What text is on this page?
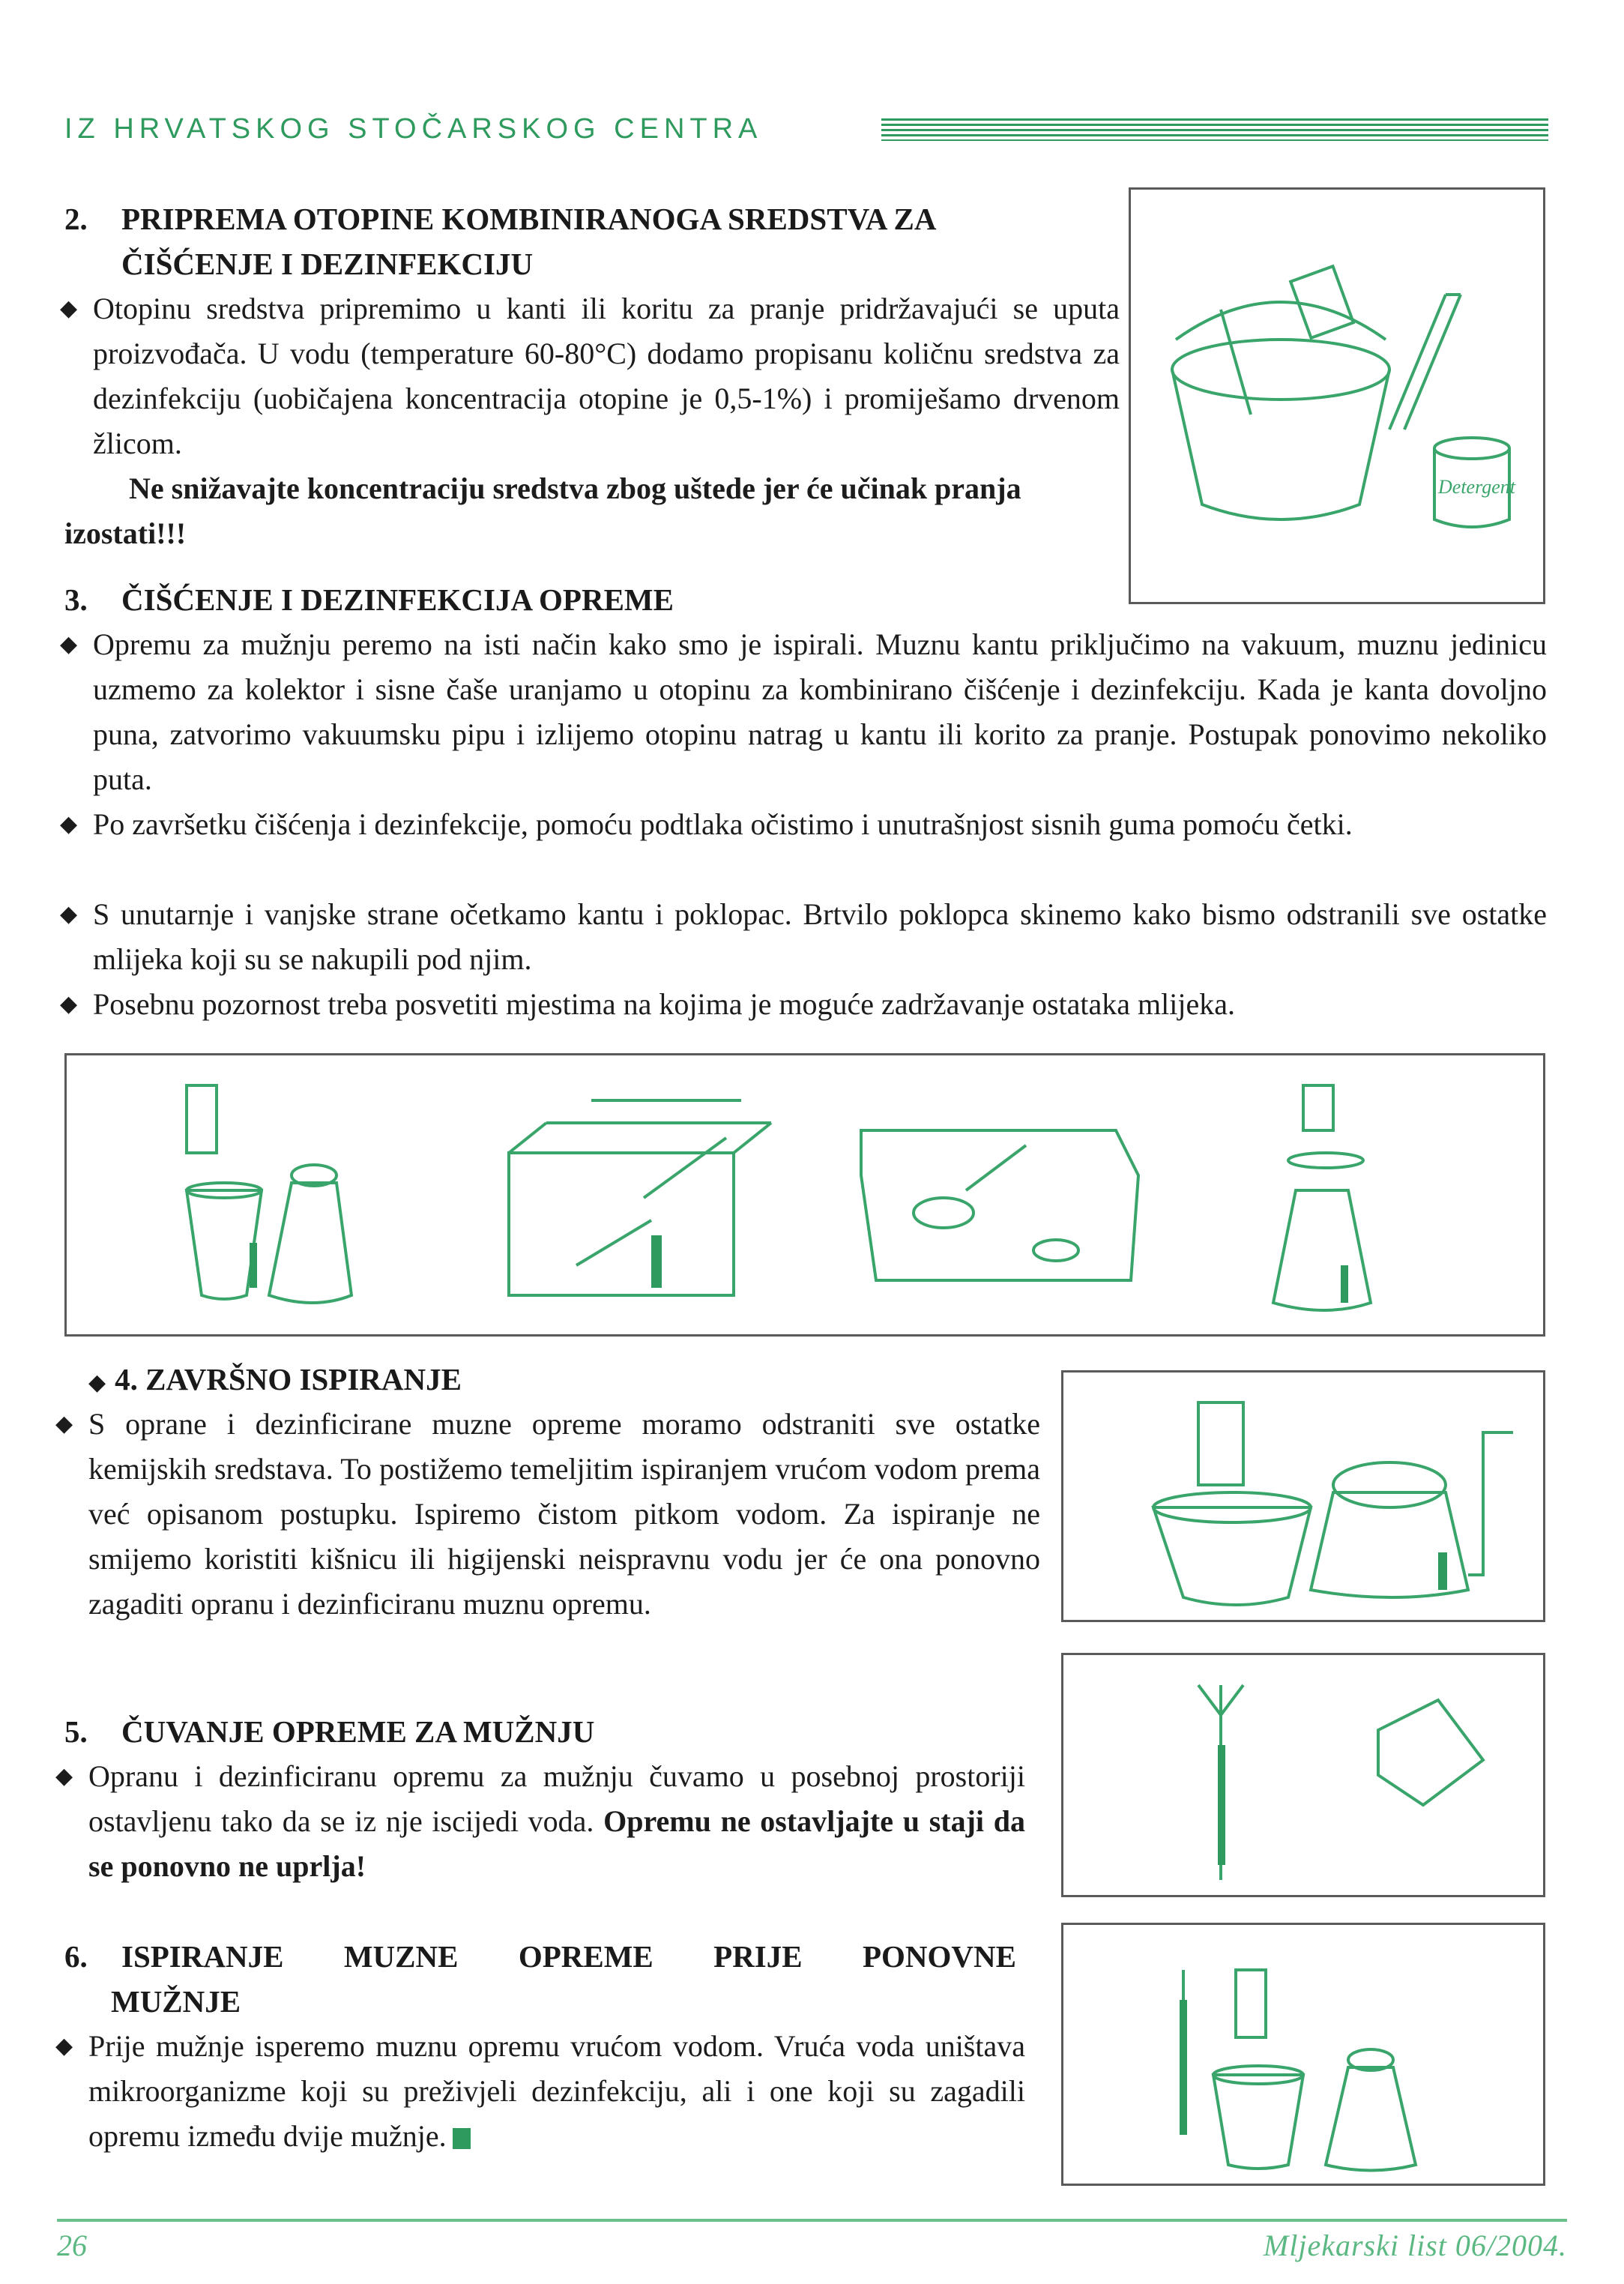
IZ HRVATSKOG STOČARSKOG CENTRA
2. PRIPREMA OTOPINE KOMBINIRANOGA SREDSTVA ZA
ČIŠĆENJE I DEZINFEKCIJU
◆ Otopinu sredstva pripremimo u kanti ili koritu za pranje pridržavajući se uputa proizvođača. U vodu (temperature 60-80°C) dodamo propisanu količnu sredstva za dezinfekciju (uobičajena koncentracija otopine je 0,5-1%) i promiješamo drvenom žlicom.
Ne snižavajte koncentraciju sredstva zbog uštede jer će učinak pranja izostati!!!
Detergent
3. ČIŠĆENJE I DEZINFEKCIJA OPREME
◆ Opremu za mužnju peremo na isti način kako smo je ispirali. Muznu kantu priključimo na vakuum, muznu jedinicu uzmemo za kolektor i sisne čaše uranjamo u otopinu za kombinirano čišćenje i dezinfekciju. Kada je kanta dovoljno puna, zatvorimo vakuumsku pipu i izlijemo otopinu natrag u kantu ili korito za pranje. Postupak ponovimo nekoliko puta.
◆ Po završetku čišćenja i dezinfekcije, pomoću podtlaka očistimo i unutrašnjost sisnih guma pomoću četki.
◆ S unutarnje i vanjske strane očetkamo kantu i poklopac. Brtvilo poklopca skinemo kako bismo odstranili sve ostatke mlijeka koji su se nakupili pod njim.
◆ Posebnu pozornost treba posvetiti mjestima na kojima je moguće zadržavanje ostataka mlijeka.
◆ 4. ZAVRŠNO ISPIRANJE
◆ S oprane i dezinficirane muzne opreme moramo odstraniti sve ostatke kemijskih sredstava. To postižemo temeljitim ispiranjem vrućom vodom prema već opisanom postupku. Ispiremo čistom pitkom vodom. Za ispiranje ne smijemo koristiti kišnicu ili higijenski neispravnu vodu jer će ona ponovno zagaditi opranu i dezinficiranu muznu opremu.
5. ČUVANJE OPREME ZA MUŽNJU
◆ Opranu i dezinficiranu opremu za mužnju čuvamo u posebnoj prostoriji ostavljenu tako da se iz nje iscijedi voda. Opremu ne ostavljajte u staji da se ponovno ne uprlja!
6. ISPIRANJE MUZNE OPREME PRIJE PONOVNE
MUŽNJE
◆ Prije mužnje isperemo muznu opremu vrućom vodom. Vruća voda uništava mikroorganizme koji su preživjeli dezinfekciju, ali i one koji su zagadili opremu između dvije mužnje.
26	Mljekarski list 06/2004.
